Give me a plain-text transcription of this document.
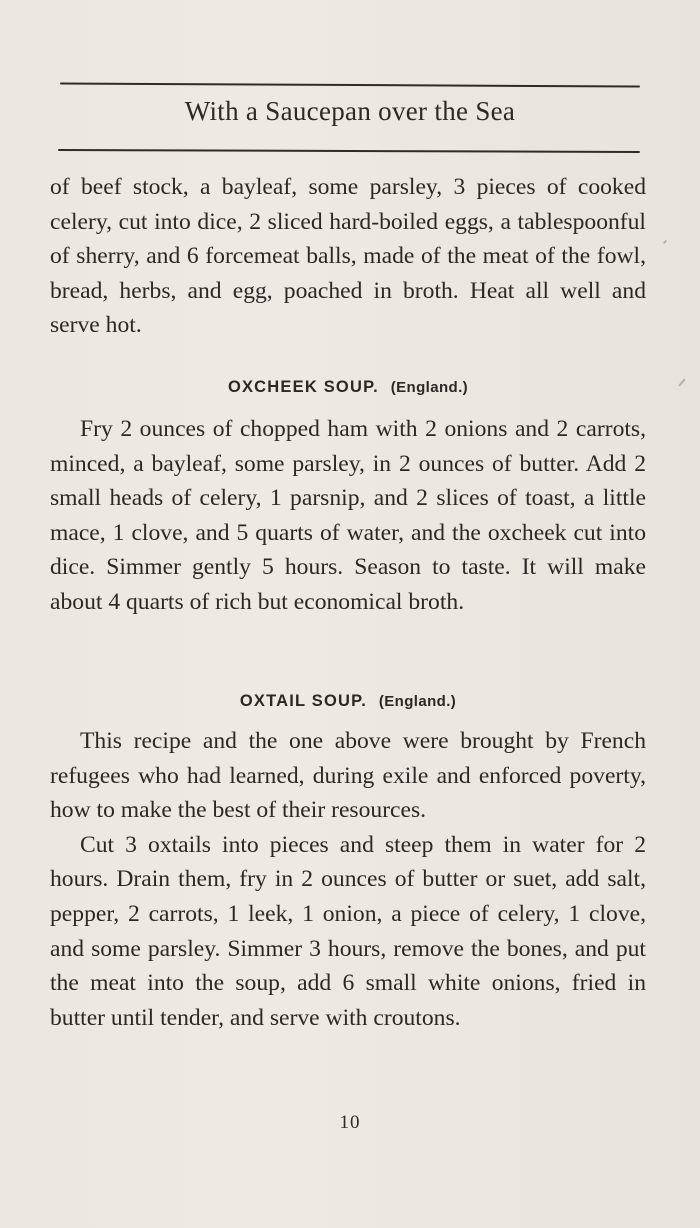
With a Saucepan over the Sea

of beef stock, a bayleaf, some parsley, 3 pieces of cooked celery, cut into dice, 2 sliced hard-boiled eggs, a tablespoonful of sherry, and 6 forcemeat balls, made of the meat of the fowl, bread, herbs, and egg, poached in broth. Heat all well and serve hot.

OXCHEEK SOUP. (England.)

Fry 2 ounces of chopped ham with 2 onions and 2 carrots, minced, a bayleaf, some parsley, in 2 ounces of butter. Add 2 small heads of celery, 1 parsnip, and 2 slices of toast, a little mace, 1 clove, and 5 quarts of water, and the oxcheek cut into dice. Simmer gently 5 hours. Season to taste. It will make about 4 quarts of rich but economical broth.

OXTAIL SOUP. (England.)

This recipe and the one above were brought by French refugees who had learned, during exile and enforced poverty, how to make the best of their resources.

Cut 3 oxtails into pieces and steep them in water for 2 hours. Drain them, fry in 2 ounces of butter or suet, add salt, pepper, 2 carrots, 1 leek, 1 onion, a piece of celery, 1 clove, and some parsley. Simmer 3 hours, remove the bones, and put the meat into the soup, add 6 small white onions, fried in butter until tender, and serve with croutons.

10
